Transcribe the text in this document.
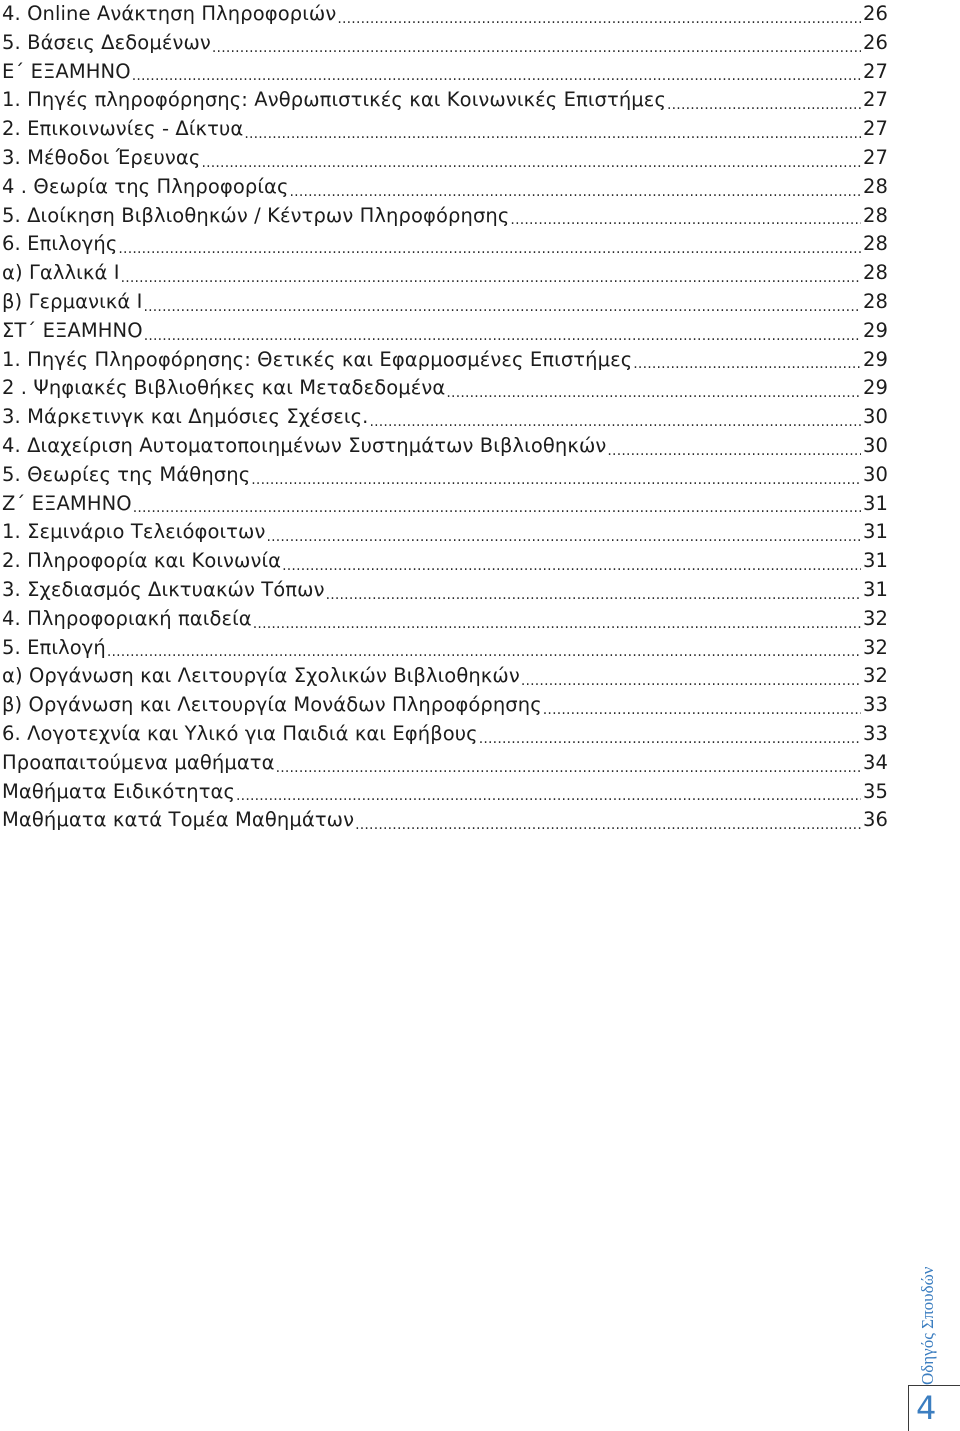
4. Online Ανάκτηση Πληροφοριών .....	26
5. Βάσεις Δεδομένων .....	26
Ε΄ ΕΞΑΜΗΝΟ .....	27
1. Πηγές πληροφόρησης: Ανθρωπιστικές και Κοινωνικές Επιστήμες .....	27
2. Επικοινωνίες - Δίκτυα .....	27
3. Μέθοδοι Έρευνας .....	27
4 . Θεωρία της Πληροφορίας .....	28
5. Διοίκηση Βιβλιοθηκών / Κέντρων Πληροφόρησης .....	28
6. Επιλογής .....	28
α) Γαλλικά Ι .....	28
β) Γερμανικά Ι .....	28
ΣΤ΄ ΕΞΑΜΗΝΟ .....	29
1. Πηγές Πληροφόρησης: Θετικές και Εφαρμοσμένες Επιστήμες .....	29
2 . Ψηφιακές Βιβλιοθήκες και Μεταδεδομένα .....	29
3. Μάρκετινγκ και Δημόσιες Σχέσεις. .....	30
4. Διαχείριση Αυτοματοποιημένων Συστημάτων Βιβλιοθηκών .....	30
5. Θεωρίες της Μάθησης .....	30
Ζ΄ ΕΞΑΜΗΝΟ .....	31
1. Σεμινάριο Τελειόφοιτων .....	31
2. Πληροφορία και Κοινωνία .....	31
3. Σχεδιασμός Δικτυακών Τόπων .....	31
4. Πληροφοριακή παιδεία .....	32
5. Επιλογή .....	32
α) Οργάνωση και Λειτουργία Σχολικών Βιβλιοθηκών .....	32
β) Οργάνωση και Λειτουργία Μονάδων Πληροφόρησης .....	33
6. Λογοτεχνία και Υλικό για Παιδιά και Εφήβους .....	33
Προαπαιτούμενα μαθήματα .....	34
Μαθήματα Ειδικότητας .....	35
Μαθήματα κατά Τομέα Μαθημάτων .....	36
Οδηγός Σπουδών
4
